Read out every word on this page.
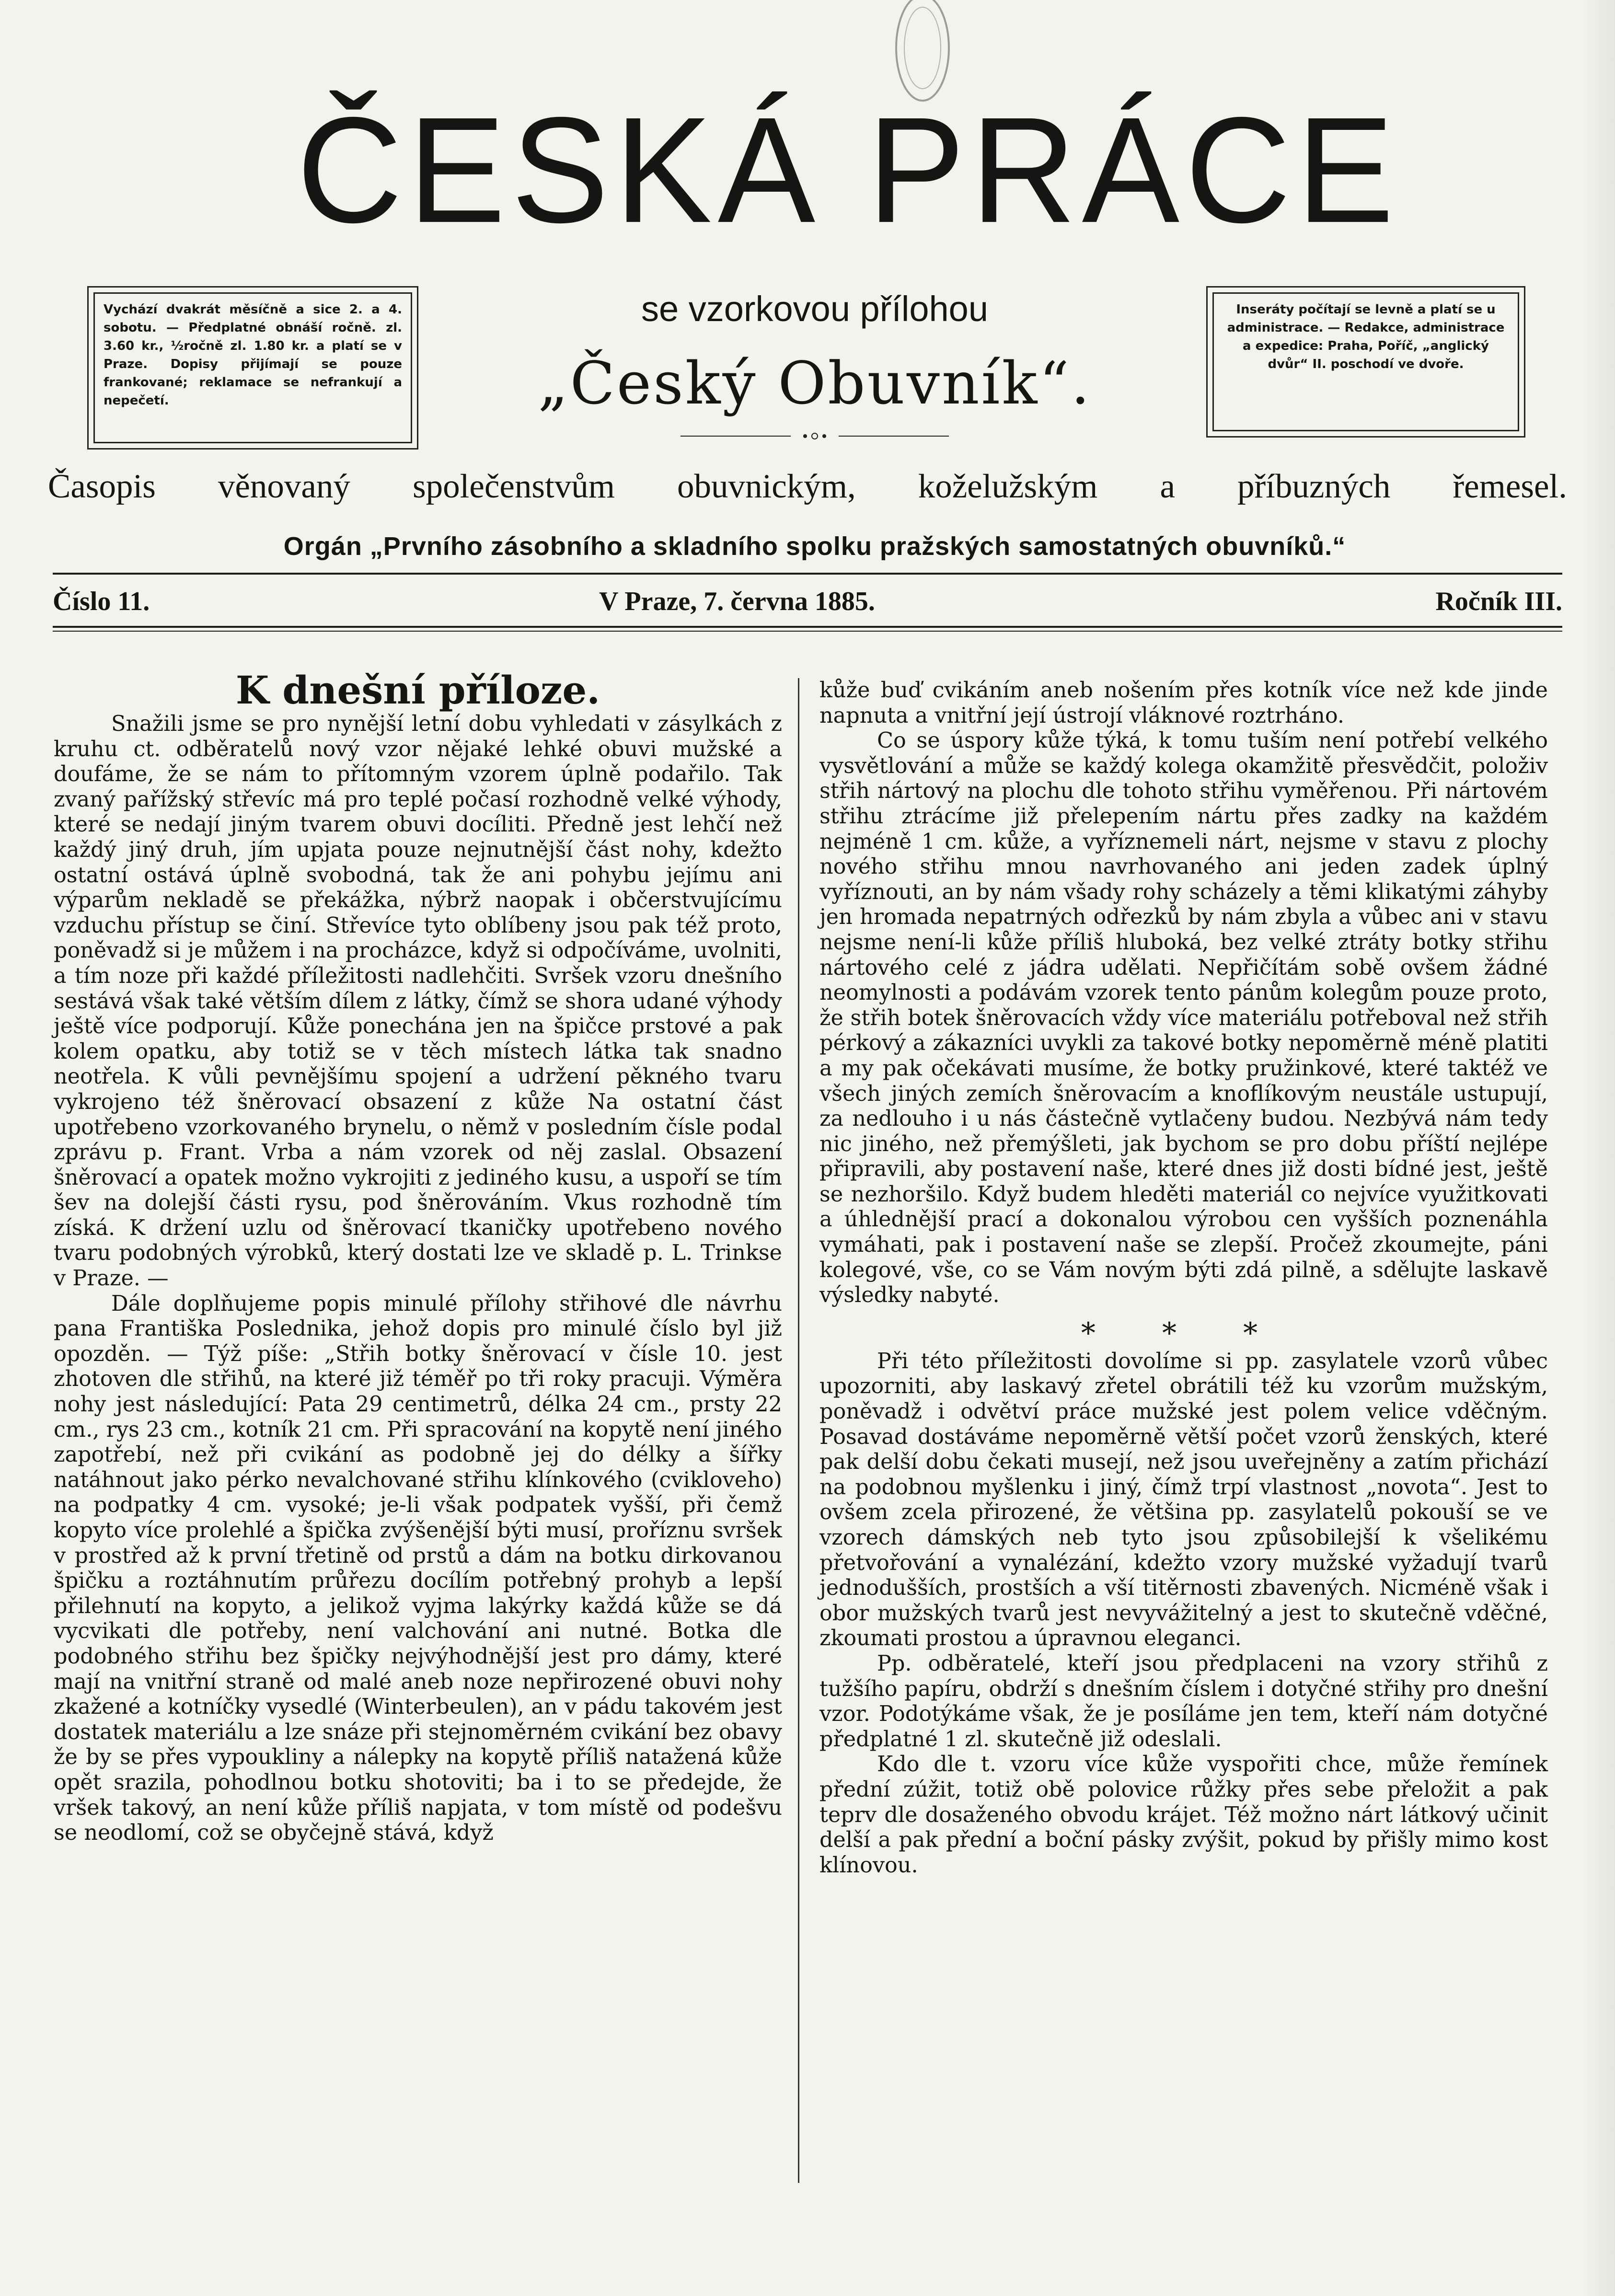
ČESKÁ PRÁCE
Vychází dvakrát měsíčně a sice 2. a 4. sobotu. — Předplatné obnáší ročně. zl. 3.60 kr., ½ročně zl. 1.80 kr. a platí se v Praze. Dopisy přijímají se pouze frankované; reklamace se nefrankují a nepečetí.
se vzorkovou přílohou
„Český Obuvník“.
Inseráty počítají se levně a platí se u administrace. — Redakce, administrace a expedice: Praha, Poříč, „anglický dvůr“ II. poschodí ve dvoře.
Časopis věnovaný společenstvům obuvnickým, koželužským a příbuzných řemesel.
Orgán „Prvního zásobního a skladního spolku pražských samostatných obuvníků.“
Číslo 11.	V Praze, 7. června 1885.	Ročník III.

K dnešní příloze.

Snažili jsme se pro nynější letní dobu vyhledati v zásylkách z kruhu ct. odběratelů nový vzor nějaké lehké obuvi mužské a doufáme, že se nám to přítomným vzorem úplně podařilo. Tak zvaný pařížský střevíc má pro teplé počasí rozhodně velké výhody, které se nedají jiným tvarem obuvi docíliti. Předně jest lehčí než každý jiný druh, jím upjata pouze nejnutnější část nohy, kdežto ostatní ostává úplně svobodná, tak že ani pohybu jejímu ani výparům nekladě se překážka, nýbrž naopak i občerstvujícímu vzduchu přístup se činí. Střevíce tyto oblíbeny jsou pak též proto, poněvadž si je můžem i na procházce, když si odpočíváme, uvolniti, a tím noze při každé příležitosti nadlehčiti. Svršek vzoru dnešního sestává však také větším dílem z látky, čímž se shora udané výhody ještě více podporují. Kůže ponechána jen na špičce prstové a pak kolem opatku, aby totiž se v těch místech látka tak snadno neotřela. K vůli pevnějšímu spojení a udržení pěkného tvaru vykrojeno též šněrovací obsazení z kůže Na ostatní část upotřebeno vzorkovaného brynelu, o němž v posledním čísle podal zprávu p. Frant. Vrba a nám vzorek od něj zaslal. Obsazení šněrovací a opatek možno vykrojiti z jediného kusu, a uspoří se tím šev na dolejší části rysu, pod šněrováním. Vkus rozhodně tím získá. K držení uzlu od šněrovací tkaničky upotřebeno nového tvaru podobných výrobků, který dostati lze ve skladě p. L. Trinkse v Praze. —

Dále doplňujeme popis minulé přílohy střihové dle návrhu pana Františka Poslednika, jehož dopis pro minulé číslo byl již opozděn. — Týž píše: „Střih botky šněrovací v čísle 10. jest zhotoven dle střihů, na které již téměř po tři roky pracuji. Výměra nohy jest následující: Pata 29 centimetrů, délka 24 cm., prsty 22 cm., rys 23 cm., kotník 21 cm. Při spracování na kopytě není jiného zapotřebí, než při cvikání as podobně jej do délky a šířky natáhnout jako pérko nevalchované střihu klínkového (cvikloveho) na podpatky 4 cm. vysoké; je-li však podpatek vyšší, při čemž kopyto více prolehlé a špička zvýšenější býti musí, proříznu svršek v prostřed až k první třetině od prstů a dám na botku dirkovanou špičku a roztáhnutím průřezu docílím potřebný prohyb a lepší přilehnutí na kopyto, a jelikož vyjma lakýrky každá kůže se dá vycvikati dle potřeby, není valchování ani nutné. Botka dle podobného střihu bez špičky nejvýhodnější jest pro dámy, které mají na vnitřní straně od malé aneb noze nepřirozené obuvi nohy zkažené a kotníčky vysedlé (Winterbeulen), an v pádu takovém jest dostatek materiálu a lze snáze při stejnoměrném cvikání bez obavy že by se přes vypoukliny a nálepky na kopytě příliš natažená kůže opět srazila, pohodlnou botku shotoviti; ba i to se předejde, že vršek takový, an není kůže příliš napjata, v tom místě od podešvu se neodlomí, což se obyčejně stává, když

kůže buď cvikáním aneb nošením přes kotník více než kde jinde napnuta a vnitřní její ústrojí vláknové roztrháno.

Co se úspory kůže týká, k tomu tuším není potřebí velkého vysvětlování a může se každý kolega okamžitě přesvědčit, položiv střih nártový na plochu dle tohoto střihu vyměřenou. Při nártovém střihu ztrácíme již přelepením nártu přes zadky na každém nejméně 1 cm. kůže, a vyříznemeli nárt, nejsme v stavu z plochy nového střihu mnou navrhovaného ani jeden zadek úplný vyříznouti, an by nám všady rohy scházely a těmi klikatými záhyby jen hromada nepatrných odřezků by nám zbyla a vůbec ani v stavu nejsme není-li kůže příliš hluboká, bez velké ztráty botky střihu nártového celé z jádra udělati. Nepřičítám sobě ovšem žádné neomylnosti a podávám vzorek tento pánům kolegům pouze proto, že střih botek šněrovacích vždy více materiálu potřeboval než střih pérkový a zákazníci uvykli za takové botky nepoměrně méně platiti a my pak očekávati musíme, že botky pružinkové, které taktéž ve všech jiných zemích šněrovacím a knoflíkovým neustále ustupují, za nedlouho i u nás částečně vytlačeny budou. Nezbývá nám tedy nic jiného, než přemýšleti, jak bychom se pro dobu příští nejlépe připravili, aby postavení naše, které dnes již dosti bídné jest, ještě se nezhoršilo. Když budem hleděti materiál co nejvíce využitkovati a úhlednější prací a dokonalou výrobou cen vyšších poznenáhla vymáhati, pak i postavení naše se zlepší. Pročež zkoumejte, páni kolegové, vše, co se Vám novým býti zdá pilně, a sdělujte laskavě výsledky nabyté.

* * *

Při této příležitosti dovolíme si pp. zasylatele vzorů vůbec upozorniti, aby laskavý zřetel obrátili též ku vzorům mužským, poněvadž i odvětví práce mužské jest polem velice vděčným. Posavad dostáváme nepoměrně větší počet vzorů ženských, které pak delší dobu čekati musejí, než jsou uveřejněny a zatím přichází na podobnou myšlenku i jiný, čímž trpí vlastnost „novota“. Jest to ovšem zcela přirozené, že většina pp. zasylatelů pokouší se ve vzorech dámských neb tyto jsou způsobilejší k všelikému přetvořování a vynalézání, kdežto vzory mužské vyžadují tvarů jednodušších, prostších a vší titěrnosti zbavených. Nicméně však i obor mužských tvarů jest nevyvážitelný a jest to skutečně vděčné, zkoumati prostou a úpravnou eleganci.

Pp. odběratelé, kteří jsou předplaceni na vzory střihů z tužšího papíru, obdrží s dnešním číslem i dotyčné střihy pro dnešní vzor. Podotýkáme však, že je posíláme jen tem, kteří nám dotyčné předplatné 1 zl. skutečně již odeslali.

Kdo dle t. vzoru více kůže vyspořiti chce, může řemínek přední zúžit, totiž obě polovice růžky přes sebe přeložit a pak teprv dle dosaženého obvodu krájet. Též možno nárt látkový učinit delší a pak přední a boční pásky zvýšit, pokud by přišly mimo kost klínovou.
